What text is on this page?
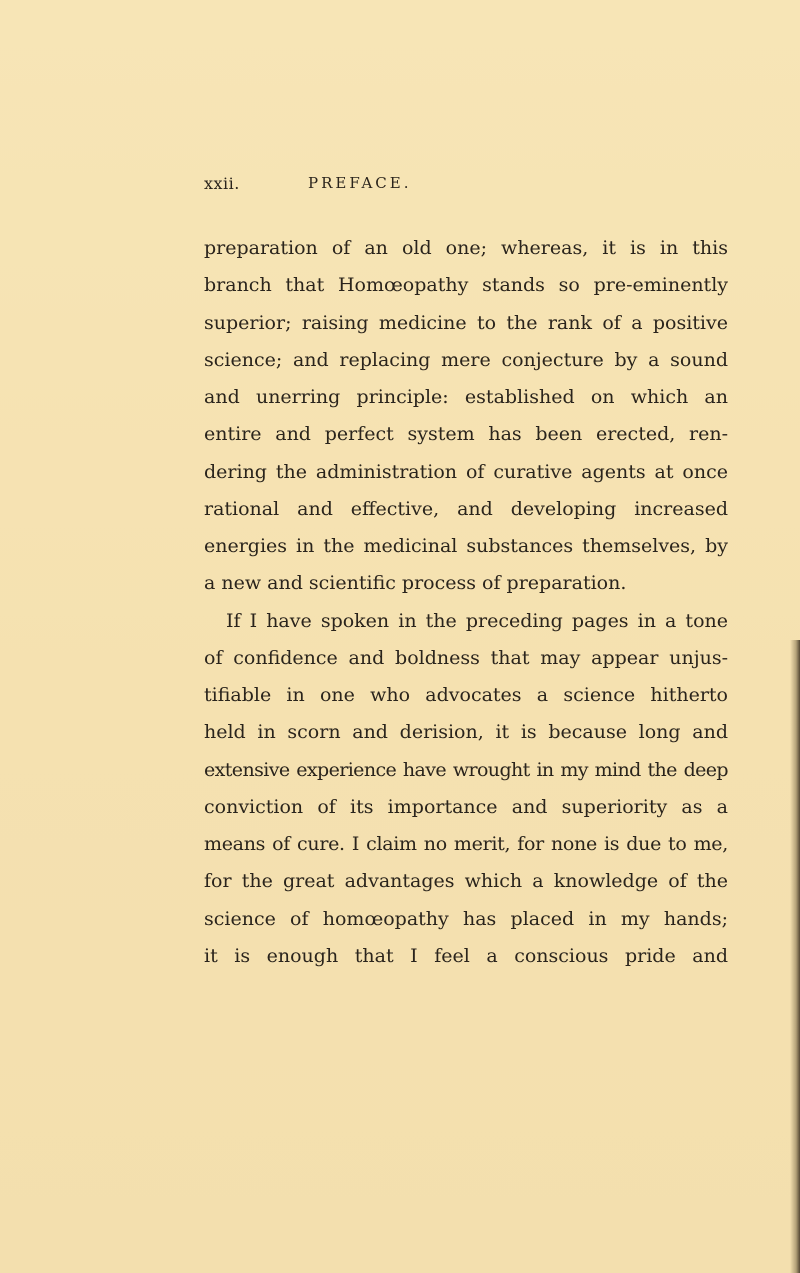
xxii.	PREFACE.
preparation of an old one; whereas, it is in this
branch that Homœopathy stands so pre-eminently
superior; raising medicine to the rank of a positive
science; and replacing mere conjecture by a sound
and unerring principle: established on which an
entire and perfect system has been erected, ren-
dering the administration of curative agents at once
rational and effective, and developing increased
energies in the medicinal substances themselves, by
a new and scientific process of preparation.
If I have spoken in the preceding pages in a tone
of confidence and boldness that may appear unjus-
tifiable in one who advocates a science hitherto
held in scorn and derision, it is because long and
extensive experience have wrought in my mind the deep
conviction of its importance and superiority as a
means of cure. I claim no merit, for none is due to me,
for the great advantages which a knowledge of the
science of homœopathy has placed in my hands;
it is enough that I feel a conscious pride and
